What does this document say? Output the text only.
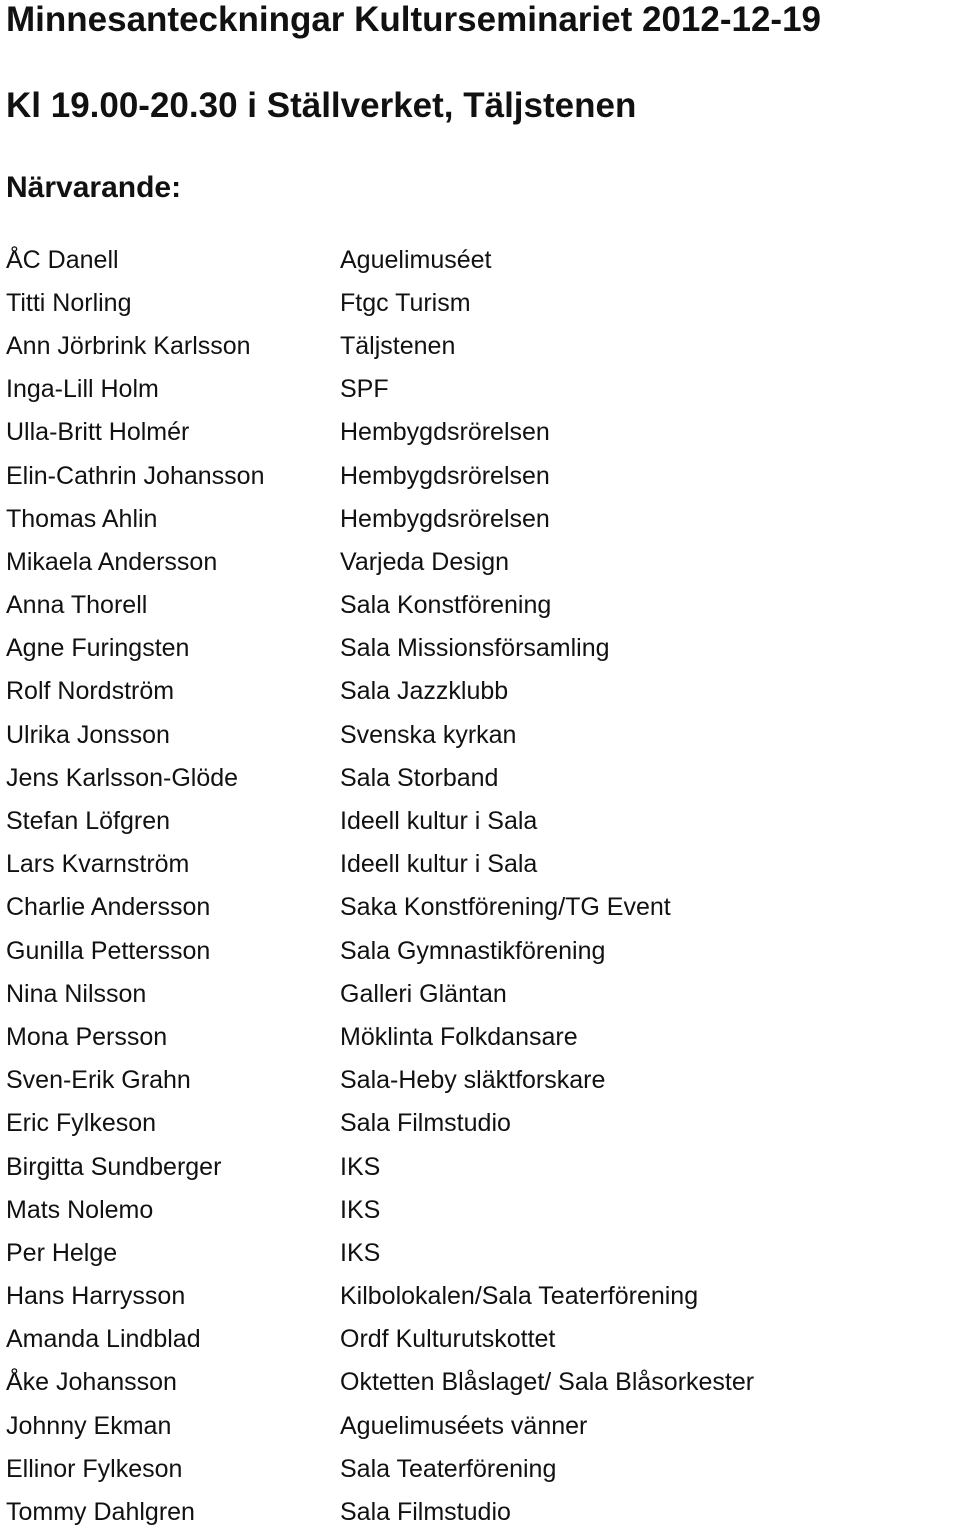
Minnesanteckningar Kulturseminariet 2012-12-19
Kl 19.00-20.30 i Ställverket, Täljstenen
Närvarande:
ÅC Danell	Aguelimuséet
Titti Norling	Ftgc Turism
Ann Jörbrink Karlsson	Täljstenen
Inga-Lill Holm	SPF
Ulla-Britt Holmér	Hembygdsrörelsen
Elin-Cathrin Johansson	Hembygdsrörelsen
Thomas Ahlin	Hembygdsrörelsen
Mikaela Andersson	Varjeda Design
Anna Thorell	Sala Konstförening
Agne Furingsten	Sala Missionsförsamling
Rolf Nordström	Sala Jazzklubb
Ulrika Jonsson	Svenska kyrkan
Jens Karlsson-Glöde	Sala Storband
Stefan Löfgren	Ideell kultur i Sala
Lars Kvarnström	Ideell kultur i Sala
Charlie Andersson	Saka Konstförening/TG Event
Gunilla Pettersson	Sala Gymnastikförening
Nina Nilsson	Galleri Gläntan
Mona Persson	Möklinta Folkdansare
Sven-Erik Grahn	Sala-Heby släktforskare
Eric Fylkeson	Sala Filmstudio
Birgitta Sundberger	IKS
Mats Nolemo	IKS
Per Helge	IKS
Hans Harrysson	Kilbolokalen/Sala Teaterförening
Amanda Lindblad	Ordf Kulturutskottet
Åke Johansson	Oktetten Blåslaget/ Sala Blåsorkester
Johnny Ekman	Aguelimuséets vänner
Ellinor Fylkeson	Sala Teaterförening
Tommy Dahlgren	Sala Filmstudio
